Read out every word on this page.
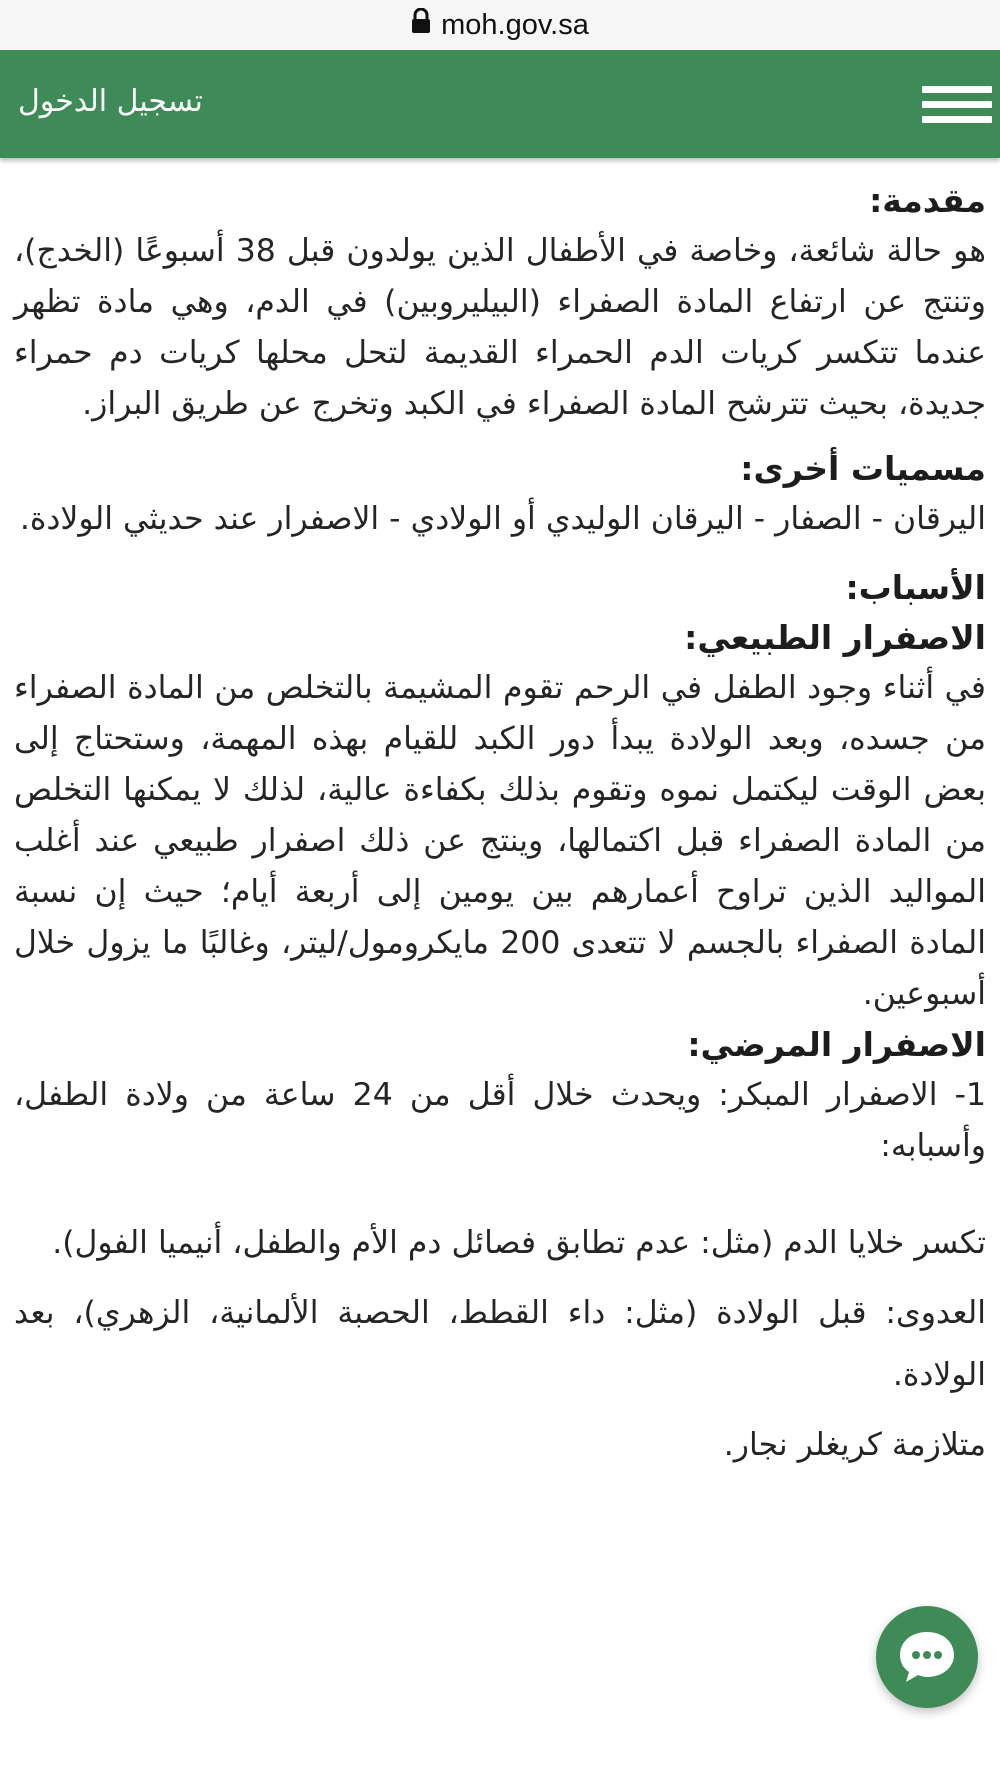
moh.gov.sa
تسجيل الدخول
مقدمة:

هو حالة شائعة، وخاصة في الأطفال الذين يولدون قبل 38 أسبوعًا (الخدج)، وتنتج عن ارتفاع المادة الصفراء (البيليروبين) في الدم، وهي مادة تظهر عندما تتكسر كريات الدم الحمراء القديمة لتحل محلها كريات دم حمراء جديدة، بحيث تترشح المادة الصفراء في الكبد وتخرج عن طريق البراز.

مسميات أخرى:

اليرقان - الصفار - اليرقان الوليدي أو الولادي - الاصفرار عند حديثي الولادة.

الأسباب:
الاصفرار الطبيعي:

في أثناء وجود الطفل في الرحم تقوم المشيمة بالتخلص من المادة الصفراء من جسده، وبعد الولادة يبدأ دور الكبد للقيام بهذه المهمة، وستحتاج إلى بعض الوقت ليكتمل نموه وتقوم بذلك بكفاءة عالية، لذلك لا يمكنها التخلص من المادة الصفراء قبل اكتمالها، وينتج عن ذلك اصفرار طبيعي عند أغلب المواليد الذين تراوح أعمارهم بين يومين إلى أربعة أيام؛ حيث إن نسبة المادة الصفراء بالجسم لا تتعدى 200 مايكرومول/ليتر، وغالبًا ما يزول خلال أسبوعين.

الاصفرار المرضي:

1- الاصفرار المبكر: ويحدث خلال أقل من 24 ساعة من ولادة الطفل، وأسبابه:

تكسر خلايا الدم (مثل: عدم تطابق فصائل دم الأم والطفل، أنيميا الفول).

العدوى: قبل الولادة (مثل: داء القطط، الحصبة الألمانية، الزهري)، بعد الولادة.

متلازمة كريغلر نجار.
